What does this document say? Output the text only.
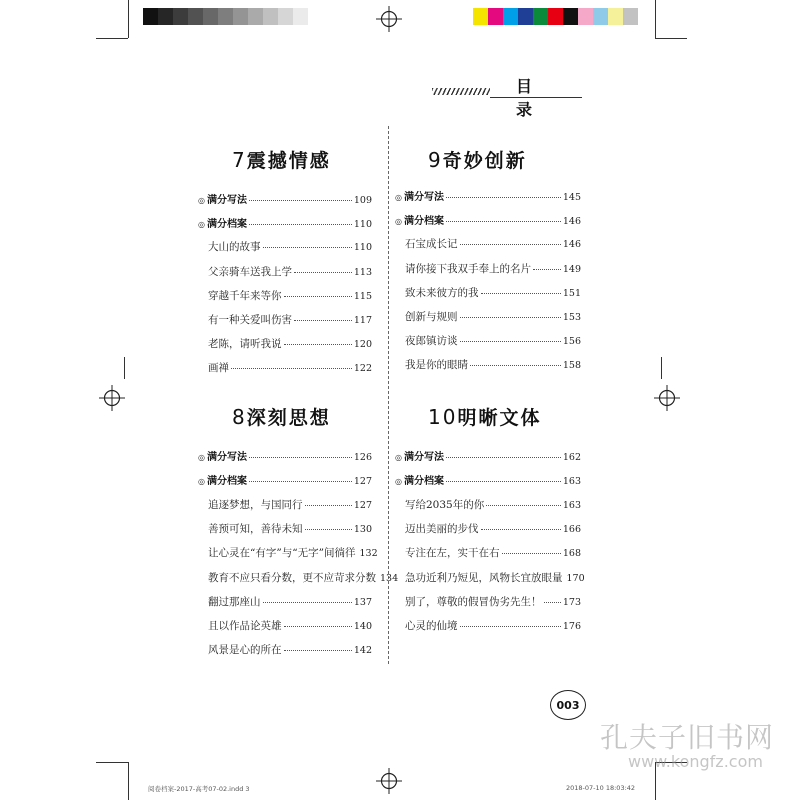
目 录
7震撼情感	9奇妙创新
8深刻思想	10明晰文体
◎ 满分写法	109
◎ 满分档案	110
大山的故事	110
父亲骑车送我上学	113
穿越千年来等你	115
有一种关爱叫伤害	117
老陈，请听我说	120
画禅	122
◎ 满分写法	126
◎ 满分档案	127
追逐梦想，与国同行	127
善预可知，善待未知	130
让心灵在“有字”与“无字”间徜徉 132
教育不应只看分数，更不应苛求分数 134
翻过那座山	137
且以作品论英雄	140
风景是心的所在	142
◎ 满分写法	145
◎ 满分档案	146
石宝成长记	146
请你接下我双手奉上的名片	149
致未来彼方的我	151
创新与规则	153
夜郎镇访谈	156
我是你的眼睛	158
◎ 满分写法	162
◎ 满分档案	163
写给2035年的你	163
迈出美丽的步伐	166
专注在左，实干在右	168
急功近利乃短见，风物长宜放眼量 170
别了，尊敬的假冒伪劣先生！ 173
心灵的仙境	176
003
孔夫子旧书网
www.kongfz.com
阅卷档案-2017-高考07-02.indd 3	2018-07-10 18:03:42
